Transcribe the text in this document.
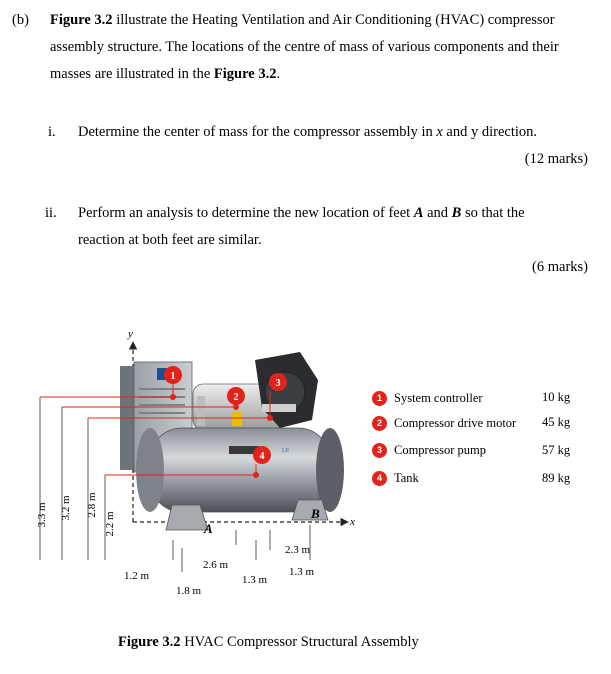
(b) Figure 3.2 illustrate the Heating Ventilation and Air Conditioning (HVAC) compressor
assembly structure. The locations of the centre of mass of various components and their
masses are illustrated in the Figure 3.2.
i. Determine the center of mass for the compressor assembly in x and y direction.
(12 marks)
ii. Perform an analysis to determine the new location of feet A and B so that the
reaction at both feet are similar.
(6 marks)
y
x
LE
A
B
1
2
3
4
3.3 m 3.2 m 2.8 m
2.2 m
1.2 m
1.8 m
2.6 m
1.3 m
2.3 m
1.3 m
1 System controller	10 kg
2 Compressor drive motor 45 kg
3 Compressor pump	57 kg
4 Tank	89 kg
Figure 3.2 HVAC Compressor Structural Assembly
